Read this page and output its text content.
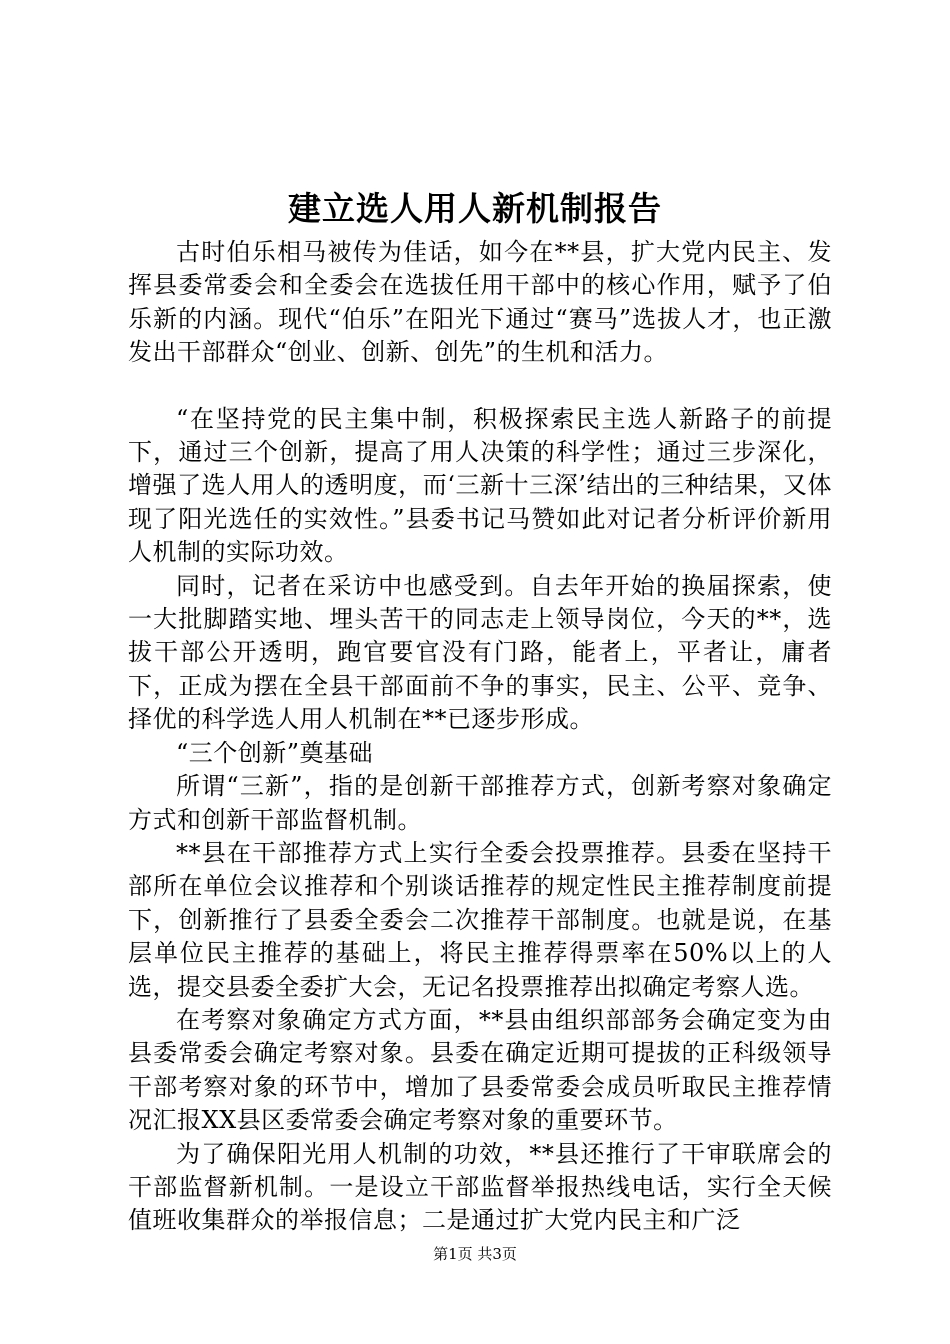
建立选人用人新机制报告

古时伯乐相马被传为佳话，如今在**县，扩大党内民主、发挥县委常委会和全委会在选拔任用干部中的核心作用，赋予了伯乐新的内涵。现代“伯乐”在阳光下通过“赛马”选拔人才，也正激发出干部群众“创业、创新、创先”的生机和活力。

“在坚持党的民主集中制，积极探索民主选人新路子的前提下，通过三个创新，提高了用人决策的科学性；通过三步深化，增强了选人用人的透明度，而‘三新十三深’结出的三种结果，又体现了阳光选任的实效性。”县委书记马赞如此对记者分析评价新用人机制的实际功效。

同时，记者在采访中也感受到。自去年开始的换届探索，使一大批脚踏实地、埋头苦干的同志走上领导岗位，今天的**，选拔干部公开透明，跑官要官没有门路，能者上，平者让，庸者下，正成为摆在全县干部面前不争的事实，民主、公平、竞争、择优的科学选人用人机制在**已逐步形成。

“三个创新”奠基础

所谓“三新”，指的是创新干部推荐方式，创新考察对象确定方式和创新干部监督机制。

**县在干部推荐方式上实行全委会投票推荐。县委在坚持干部所在单位会议推荐和个别谈话推荐的规定性民主推荐制度前提下，创新推行了县委全委会二次推荐干部制度。也就是说，在基层单位民主推荐的基础上，将民主推荐得票率在50%以上的人选，提交县委全委扩大会，无记名投票推荐出拟确定考察人选。

在考察对象确定方式方面，**县由组织部部务会确定变为由县委常委会确定考察对象。县委在确定近期可提拔的正科级领导干部考察对象的环节中，增加了县委常委会成员听取民主推荐情况汇报XX县区委常委会确定考察对象的重要环节。

为了确保阳光用人机制的功效，**县还推行了干审联席会的干部监督新机制。一是设立干部监督举报热线电话，实行全天候值班收集群众的举报信息；二是通过扩大党内民主和广泛

第1页 共3页
